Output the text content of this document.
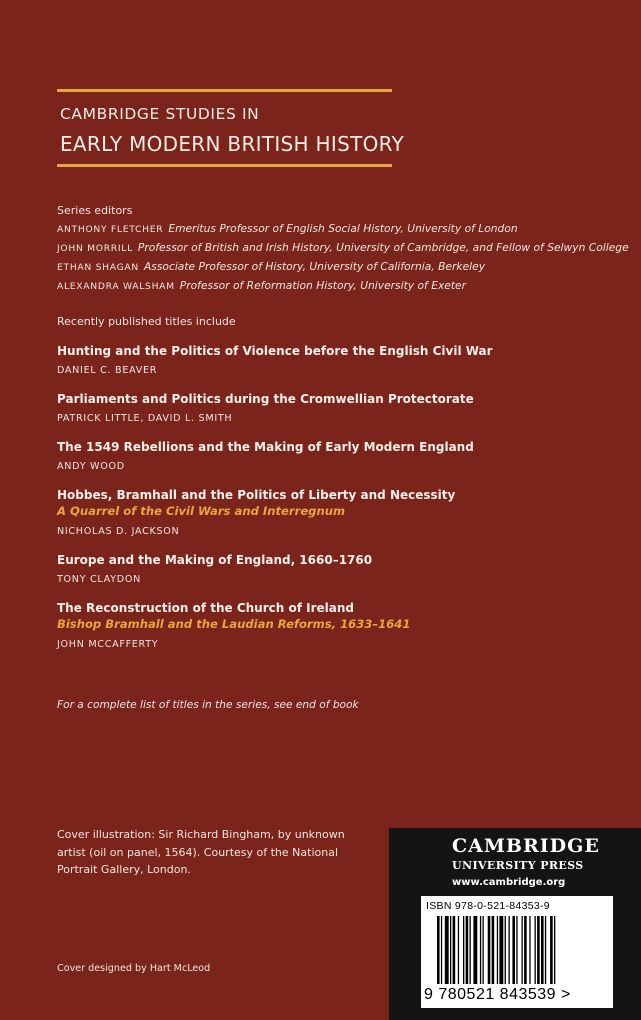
CAMBRIDGE STUDIES IN
EARLY MODERN BRITISH HISTORY
Series editors
ANTHONY FLETCHER Emeritus Professor of English Social History, University of London
JOHN MORRILL Professor of British and Irish History, University of Cambridge, and Fellow of Selwyn College
ETHAN SHAGAN Associate Professor of History, University of California, Berkeley
ALEXANDRA WALSHAM Professor of Reformation History, University of Exeter
Recently published titles include
Hunting and the Politics of Violence before the English Civil War
DANIEL C. BEAVER
Parliaments and Politics during the Cromwellian Protectorate
PATRICK LITTLE, DAVID L. SMITH
The 1549 Rebellions and the Making of Early Modern England
ANDY WOOD
Hobbes, Bramhall and the Politics of Liberty and Necessity
A Quarrel of the Civil Wars and Interregnum
NICHOLAS D. JACKSON
Europe and the Making of England, 1660–1760
TONY CLAYDON
The Reconstruction of the Church of Ireland
Bishop Bramhall and the Laudian Reforms, 1633–1641
JOHN MCCAFFERTY
For a complete list of titles in the series, see end of book
Cover illustration: Sir Richard Bingham, by unknown artist (oil on panel, 1564). Courtesy of the National Portrait Gallery, London.
Cover designed by Hart McLeod
CAMBRIDGE
UNIVERSITY PRESS
www.cambridge.org
ISBN 978-0-521-84353-9
9 780521 843539 >
